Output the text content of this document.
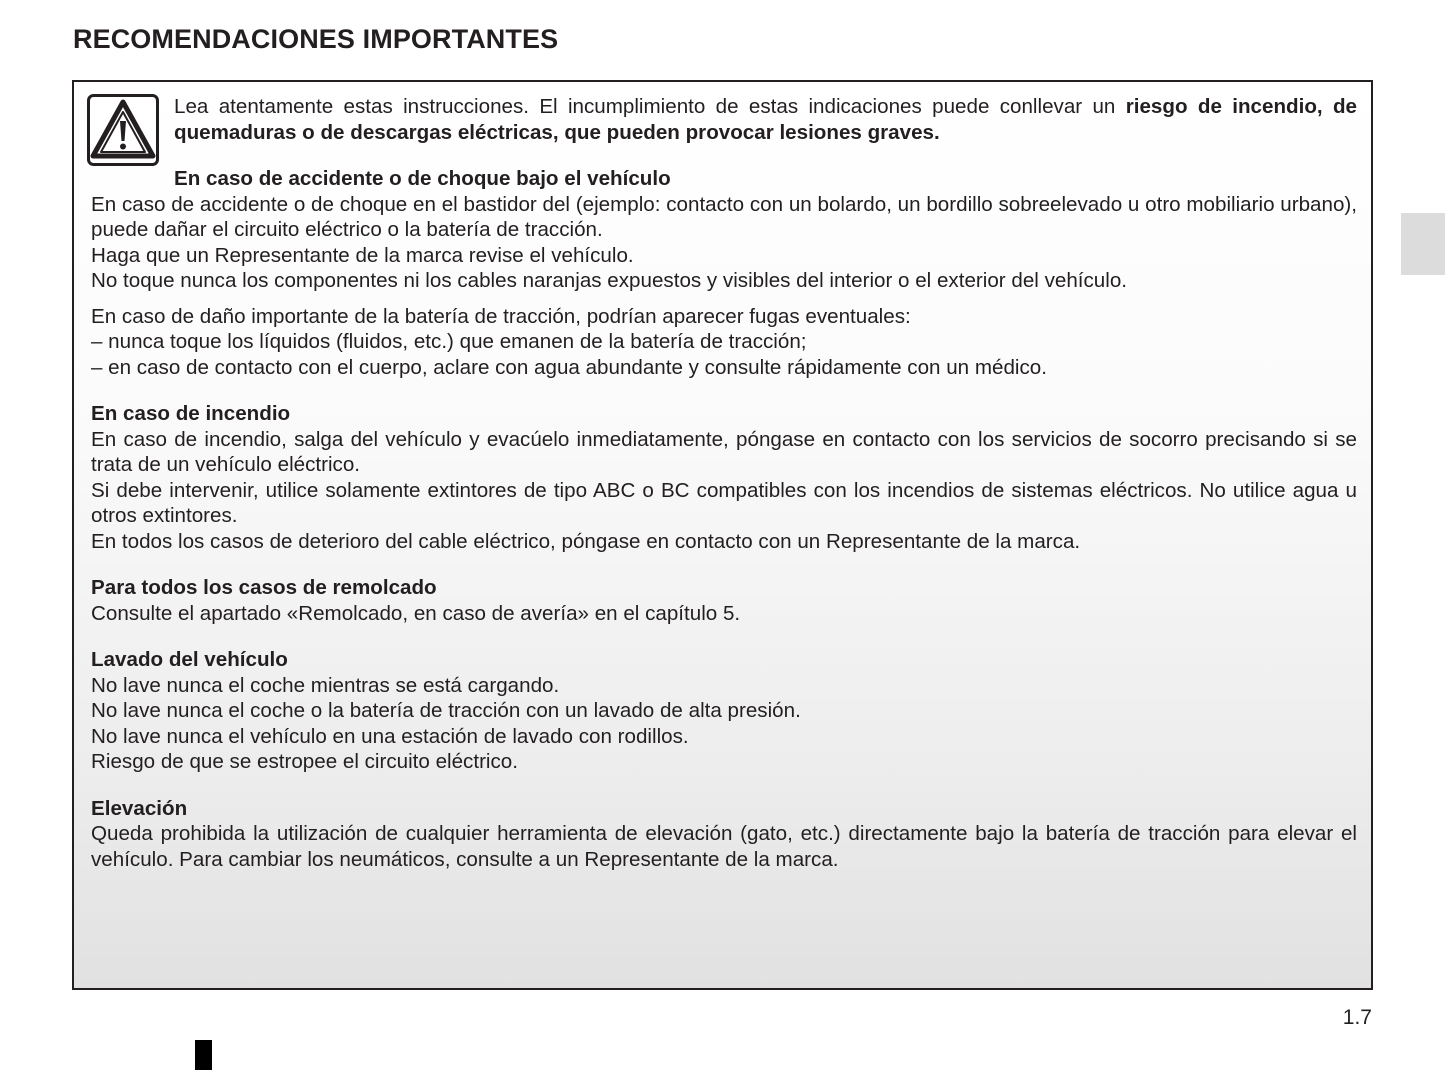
RECOMENDACIONES IMPORTANTES

Lea atentamente estas instrucciones. El incumplimiento de estas indicaciones puede conllevar un riesgo de incendio, de quemaduras o de descargas eléctricas, que pueden provocar lesiones graves.

En caso de accidente o de choque bajo el vehículo

En caso de accidente o de choque en el bastidor del (ejemplo: contacto con un bolardo, un bordillo sobreelevado u otro mobiliario urbano), puede dañar el circuito eléctrico o la batería de tracción.

Haga que un Representante de la marca revise el vehículo.

No toque nunca los componentes ni los cables naranjas expuestos y visibles del interior o el exterior del vehículo.

En caso de daño importante de la batería de tracción, podrían aparecer fugas eventuales:

– nunca toque los líquidos (fluidos, etc.) que emanen de la batería de tracción;
– en caso de contacto con el cuerpo, aclare con agua abundante y consulte rápidamente con un médico.
En caso de incendio

En caso de incendio, salga del vehículo y evacúelo inmediatamente, póngase en contacto con los servicios de socorro precisando si se trata de un vehículo eléctrico.

Si debe intervenir, utilice solamente extintores de tipo ABC o BC compatibles con los incendios de sistemas eléctricos. No utilice agua u otros extintores.

En todos los casos de deterioro del cable eléctrico, póngase en contacto con un Representante de la marca.

Para todos los casos de remolcado

Consulte el apartado «Remolcado, en caso de avería» en el capítulo 5.

Lavado del vehículo

No lave nunca el coche mientras se está cargando.

No lave nunca el coche o la batería de tracción con un lavado de alta presión.

No lave nunca el vehículo en una estación de lavado con rodillos.

Riesgo de que se estropee el circuito eléctrico.

Elevación

Queda prohibida la utilización de cualquier herramienta de elevación (gato, etc.) directamente bajo la batería de tracción para elevar el vehículo. Para cambiar los neumáticos, consulte a un Representante de la marca.

1.7
